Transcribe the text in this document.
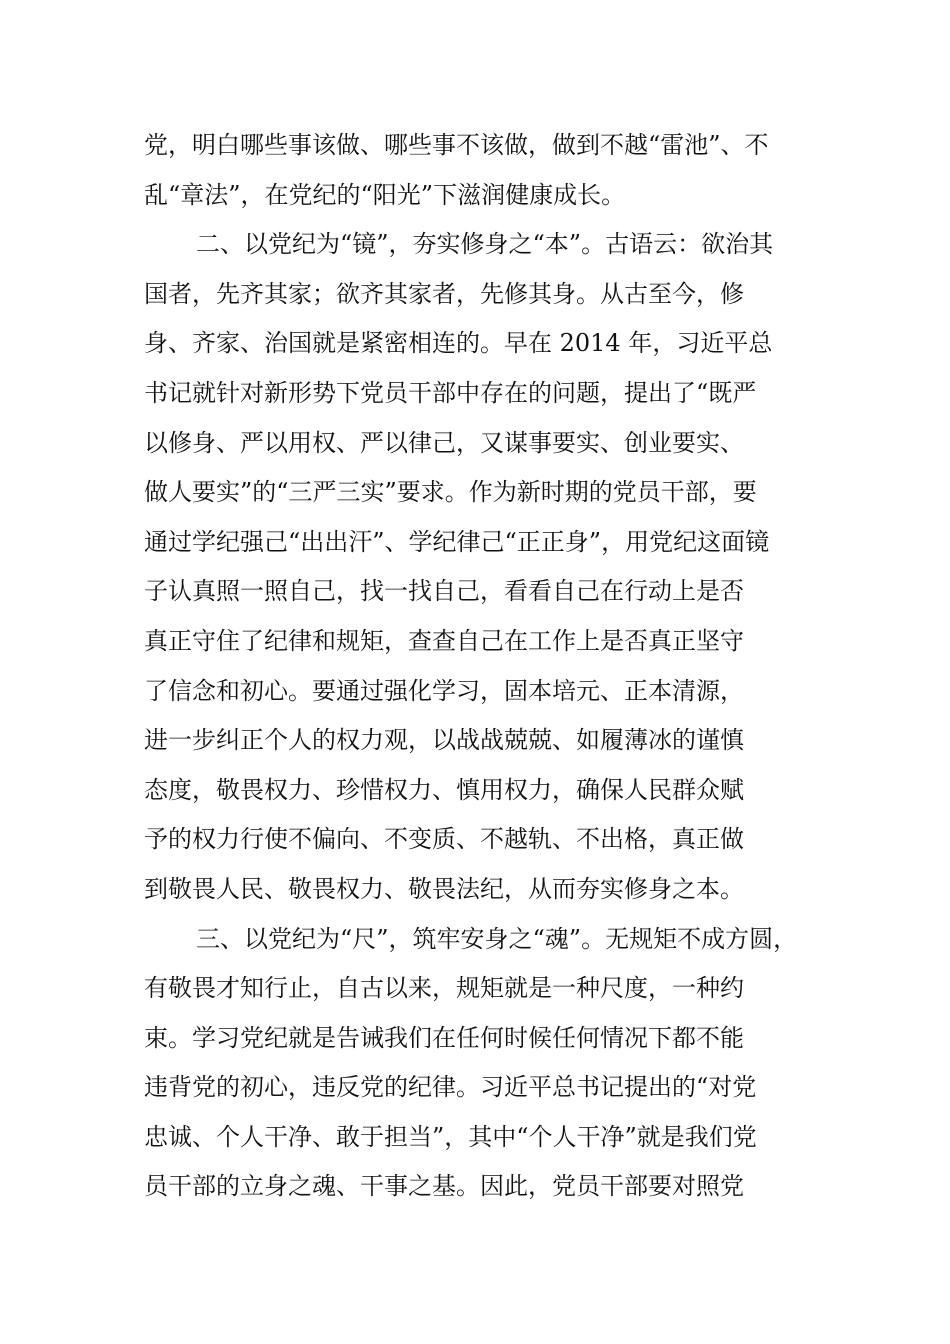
党，明白哪些事该做、哪些事不该做，做到不越“雷池”、不
乱“章法”，在党纪的“阳光”下滋润健康成长。
二、以党纪为“镜”，夯实修身之“本”。古语云：欲治其
国者，先齐其家；欲齐其家者，先修其身。从古至今，修
身、齐家、治国就是紧密相连的。早在 2014 年，习近平总
书记就针对新形势下党员干部中存在的问题，提出了“既严
以修身、严以用权、严以律己，又谋事要实、创业要实、
做人要实”的“三严三实”要求。作为新时期的党员干部，要
通过学纪强己“出出汗”、学纪律己“正正身”，用党纪这面镜
子认真照一照自己，找一找自己，看看自己在行动上是否
真正守住了纪律和规矩，查查自己在工作上是否真正坚守
了信念和初心。要通过强化学习，固本培元、正本清源，
进一步纠正个人的权力观，以战战兢兢、如履薄冰的谨慎
态度，敬畏权力、珍惜权力、慎用权力，确保人民群众赋
予的权力行使不偏向、不变质、不越轨、不出格，真正做
到敬畏人民、敬畏权力、敬畏法纪，从而夯实修身之本。
三、以党纪为“尺”，筑牢安身之“魂”。无规矩不成方圆，
有敬畏才知行止，自古以来，规矩就是一种尺度，一种约
束。学习党纪就是告诫我们在任何时候任何情况下都不能
违背党的初心，违反党的纪律。习近平总书记提出的“对党
忠诚、个人干净、敢于担当”，其中“个人干净”就是我们党
员干部的立身之魂、干事之基。因此，党员干部要对照党
